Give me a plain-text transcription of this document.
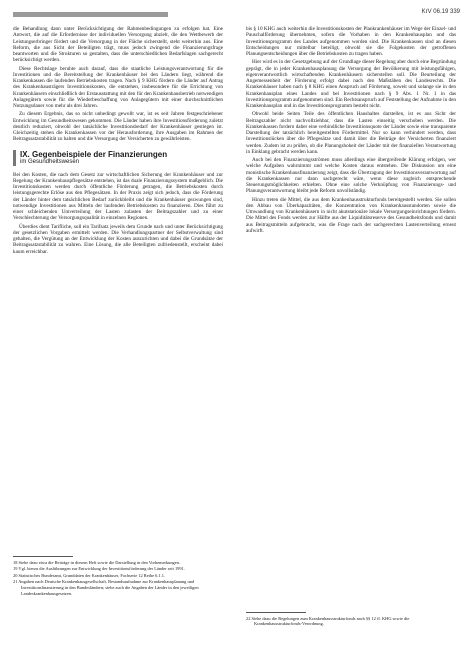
KrV 06.19 339

die Behandlung dann unter Berücksichtigung der Rahmenbedingungen zu erfolgen hat. Eine Antwort, die auf die Erfordernisse der individuellen Versorgung abzielt, die den Wettbewerb der Leistungserbringer fördert und die Versorgung in der Fläche sicherstellt, steht weiterhin aus. Eine Reform, die aus Sicht der Beteiligten trägt, muss jedoch zwingend die Finanzierungsfrage beantworten und die Strukturen so gestalten, dass die unterschiedlichen Bedarfslagen sachgerecht berücksichtigt werden.

Diese Rechtslage beruhte auch darauf, dass die staatliche Leistungsverantwortung für die Investitionen und die Bereitstellung der Krankenhäuser bei den Ländern liegt, während die Krankenkassen die laufenden Betriebskosten tragen. Nach § 9 KHG fördern die Länder auf Antrag des Krankenhausträgers Investitionskosten, die entstehen, insbesondere für die Errichtung von Krankenhäusern einschließlich der Erstausstattung mit den für den Krankenhausbetrieb notwendigen Anlagegütern sowie für die Wiederbeschaffung von Anlagegütern mit einer durchschnittlichen Nutzungsdauer von mehr als drei Jahren.

Zu diesem Ergebnis, das so nicht unbedingt gewollt war, ist es seit Jahren festgeschriebener Entwicklung im Gesundheitswesen gekommen. Die Länder haben ihre Investitionsförderung zuletzt deutlich reduziert, obwohl der tatsächliche Investitionsbedarf der Krankenhäuser gestiegen ist. Gleichzeitig stehen die Krankenkassen vor der Herausforderung, ihre Ausgaben im Rahmen der Beitragssatzstabilität zu halten und die Versorgung der Versicherten zu gewährleisten.

IX. Gegenbeispiele der Finanzierungen
im Gesundheitswesen

Bei den Kosten, die nach dem Gesetz zur wirtschaftlichen Sicherung der Krankenhäuser und zur Regelung der Krankenhauspflegesätze entstehen, ist das duale Finanzierungssystem maßgeblich. Die Investitionskosten werden durch öffentliche Förderung getragen, die Betriebskosten durch leistungsgerechte Erlöse aus den Pflegesätzen. In der Praxis zeigt sich jedoch, dass die Förderung der Länder hinter dem tatsächlichen Bedarf zurückbleibt und die Krankenhäuser gezwungen sind, notwendige Investitionen aus Mitteln der laufenden Betriebskosten zu finanzieren. Dies führt zu einer schleichenden Umverteilung der Lasten zulasten der Beitragszahler und zu einer Verschlechterung der Versorgungsqualität in einzelnen Regionen.

Überdies dient Tarifliche, soll ein Tarifsatz jeweils dem Grunde nach und unter Berücksichtigung der gesetzlichen Vorgaben ermittelt werden. Die Verhandlungspartner der Selbstverwaltung sind gehalten, die Vergütung an der Entwicklung der Kosten auszurichten und dabei die Grundsätze der Beitragssatzstabilität zu wahren. Eine Lösung, die alle Beteiligten zufriedenstellt, erscheint dabei kaum erreichbar.

bis § 10 KHG auch weiterhin die Investitionskosten der Plankrankenhäuser im Wege der Einzel- und Pauschalförderung übernehmen, sofern die Vorhaben in den Krankenhausplan und das Investitionsprogramm des Landes aufgenommen worden sind. Die Krankenkassen sind an diesen Entscheidungen nur mittelbar beteiligt, obwohl sie die Folgekosten der getroffenen Planungsentscheidungen über die Betriebskosten zu tragen haben.

Hier wird es in der Gesetzgebung auf der Grundlage dieser Regelung aber durch eine Begründung geprägt, die in jeder Krankenhausplanung die Versorgung der Bevölkerung mit leistungsfähigen, eigenverantwortlich wirtschaftenden Krankenhäusern sicherstellen soll. Die Beurteilung der Angemessenheit der Förderung erfolgt dabei nach den Maßstäben des Landesrechts. Die Krankenhäuser haben nach § 8 KHG einen Anspruch auf Förderung, soweit und solange sie in den Krankenhausplan eines Landes und bei Investitionen nach § 9 Abs. 1 Nr. 1 in das Investitionsprogramm aufgenommen sind. Ein Rechtsanspruch auf Feststellung der Aufnahme in den Krankenhausplan und in das Investitionsprogramm besteht nicht.

Obwohl beide Seiten Teile des öffentlichen Haushaltes darstellen, ist es aus Sicht der Beitragszahler nicht nachvollziehbar, dass die Lasten einseitig verschoben werden. Die Krankenkassen fordern daher eine verbindliche Investitionsquote der Länder sowie eine transparente Darstellung der tatsächlich bereitgestellten Fördermittel. Nur so kann verhindert werden, dass Investitionslücken über die Pflegesätze und damit über die Beiträge der Versicherten finanziert werden. Zudem ist zu prüfen, ob die Planungshoheit der Länder mit der finanziellen Verantwortung in Einklang gebracht werden kann.

Auch bei den Finanzierungsströmen muss allerdings eine übergreifende Klärung erfolgen, wer welche Aufgaben wahrnimmt und welche Kosten daraus entstehen. Die Diskussion um eine monistische Krankenhausfinanzierung zeigt, dass die Übertragung der Investitionsverantwortung auf die Krankenkassen nur dann sachgerecht wäre, wenn diese zugleich entsprechende Steuerungsmöglichkeiten erhielten. Ohne eine solche Verknüpfung von Finanzierungs- und Planungsverantwortung bleibt jede Reform unvollständig.

Hinzu treten die Mittel, die aus dem Krankenhausstrukturfonds bereitgestellt werden. Sie sollen den Abbau von Überkapazitäten, die Konzentration von Krankenhausstandorten sowie die Umwandlung von Krankenhäusern in nicht akutstationäre lokale Versorgungseinrichtungen fördern. Die Mittel des Fonds werden zur Hälfte aus der Liquiditätsreserve des Gesundheitsfonds und damit aus Beitragsmitteln aufgebracht, was die Frage nach der sachgerechten Lastenverteilung erneut aufwirft.

18 Siehe dazu etwa die Beiträge in diesem Heft sowie die Darstellung in den Vorbemerkungen.
19 Vgl. hierzu die Ausführungen zur Entwicklung der Investitionsförderung der Länder seit 1991.
20 Statistisches Bundesamt, Grunddaten der Krankenhäuser, Fachserie 12 Reihe 6.1.1.
21 Angaben nach Deutsche Krankenhausgesellschaft, Bestandsaufnahme zur Krankenhausplanung und Investitionsfinanzierung in den Bundesländern; siehe auch die Angaben der Länder in den jeweiligen Landeskrankenhausgesetzen.
22 Siehe dazu die Regelungen zum Krankenhausstrukturfonds nach §§ 12 ff. KHG sowie die Krankenhausstrukturfonds-Verordnung.
